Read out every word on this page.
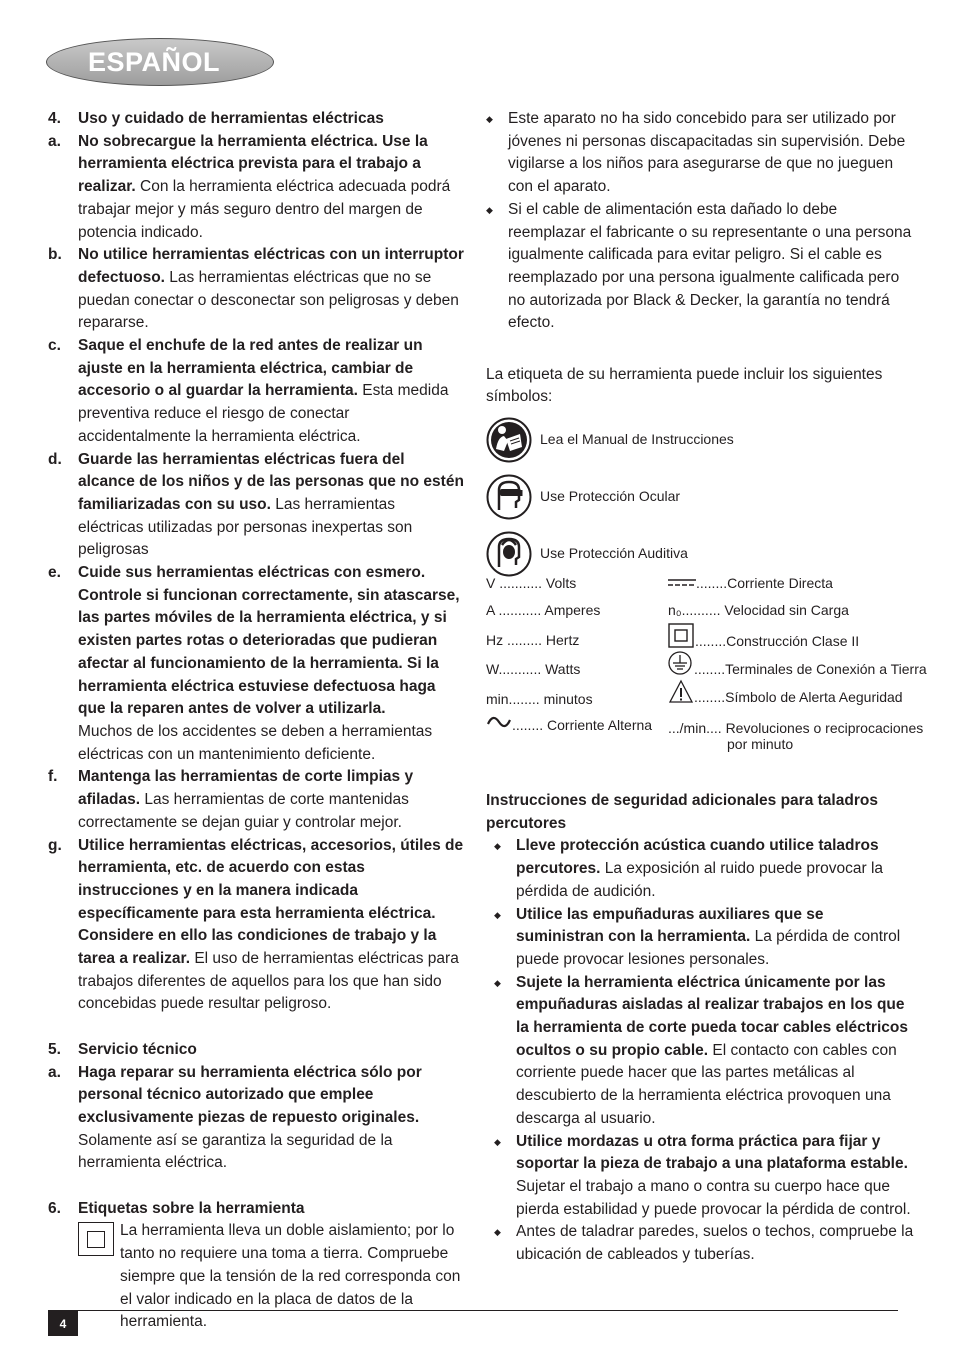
ESPAÑOL
4. Uso y cuidado de herramientas eléctricas
a. No sobrecargue la herramienta eléctrica. Use la herramienta eléctrica prevista para el trabajo a realizar. Con la herramienta eléctrica adecuada podrá trabajar mejor y más seguro dentro del margen de potencia indicado.
b. No utilice herramientas eléctricas con un interruptor defectuoso. Las herramientas eléctricas que no se puedan conectar o desconectar son peligrosas y deben repararse.
c. Saque el enchufe de la red antes de realizar un ajuste en la herramienta eléctrica, cambiar de accesorio o al guardar la herramienta. Esta medida preventiva reduce el riesgo de conectar accidentalmente la herramienta eléctrica.
d. Guarde las herramientas eléctricas fuera del alcance de los niños y de las personas que no estén familiarizadas con su uso. Las herramientas eléctricas utilizadas por personas inexpertas son peligrosas
e. Cuide sus herramientas eléctricas con esmero. Controle si funcionan correctamente, sin atascarse, las partes móviles de la herramienta eléctrica, y si existen partes rotas o deterioradas que pudieran afectar al funcionamiento de la herramienta. Si la herramienta eléctrica estuviese defectuosa haga que la reparen antes de volver a utilizarla.
Muchos de los accidentes se deben a herramientas eléctricas con un mantenimiento deficiente.
f. Mantenga las herramientas de corte limpias y afiladas. Las herramientas de corte mantenidas correctamente se dejan guiar y controlar mejor.
g. Utilice herramientas eléctricas, accesorios, útiles de herramienta, etc. de acuerdo con estas instrucciones y en la manera indicada específicamente para esta herramienta eléctrica. Considere en ello las condiciones de trabajo y la tarea a realizar. El uso de herramientas eléctricas para trabajos diferentes de aquellos para los que han sido concebidas puede resultar peligroso.
5. Servicio técnico
a. Haga reparar su herramienta eléctrica sólo por personal técnico autorizado que emplee exclusivamente piezas de repuesto originales.
Solamente así se garantiza la seguridad de la herramienta eléctrica.
6. Etiquetas sobre la herramienta
La herramienta lleva un doble aislamiento; por lo tanto no requiere una toma a tierra. Compruebe siempre que la tensión de la red corresponda con el valor indicado en la placa de datos de la herramienta.
◆ Este aparato no ha sido concebido para ser utilizado por jóvenes ni personas discapacitadas sin supervisión. Debe vigilarse a los niños para asegurarse de que no jueguen con el aparato.
◆ Si el cable de alimentación esta dañado lo debe reemplazar el fabricante o su representante o una persona igualmente calificada para evitar peligro. Si el cable es reemplazado por una persona igualmente calificada pero no autorizada por Black & Decker, la garantía no tendrá efecto.
La etiqueta de su herramienta puede incluir los siguientes símbolos:
Lea el Manual de Instrucciones
Use Protección Ocular
Use Protección Auditiva
V ........... Volts
A ........... Amperes
Hz ......... Hertz
W........... Watts
min........ minutos
........ Corriente Alterna
........Corriente Directa
n₀.......... Velocidad sin Carga
........Construcción Clase II
........Terminales de Conexión a Tierra
........Símbolo de Alerta Aeguridad
.../min.... Revoluciones o reciprocaciones
por minuto
Instrucciones de seguridad adicionales para taladros percutores
◆ Lleve protección acústica cuando utilice taladros percutores. La exposición al ruido puede provocar la pérdida de audición.
◆ Utilice las empuñaduras auxiliares que se suministran con la herramienta. La pérdida de control puede provocar lesiones personales.
◆ Sujete la herramienta eléctrica únicamente por las empuñaduras aisladas al realizar trabajos en los que la herramienta de corte pueda tocar cables eléctricos ocultos o su propio cable. El contacto con cables con corriente puede hacer que las partes metálicas al descubierto de la herramienta eléctrica provoquen una descarga al usuario.
◆ Utilice mordazas u otra forma práctica para fijar y soportar la pieza de trabajo a una plataforma estable. Sujetar el trabajo a mano o contra su cuerpo hace que pierda estabilidad y puede provocar la pérdida de control.
◆ Antes de taladrar paredes, suelos o techos, compruebe la ubicación de cableados y tuberías.
4
